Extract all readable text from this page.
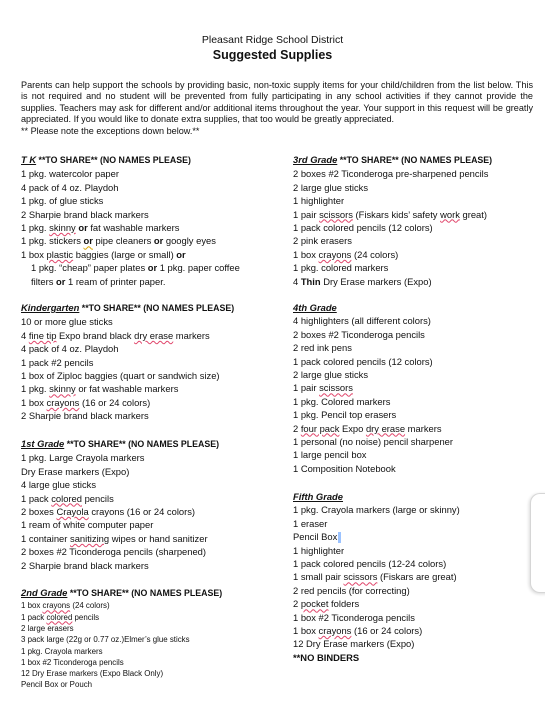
Pleasant Ridge School District
Suggested Supplies

Parents can help support the schools by providing basic, non-toxic supply items for your child/children from the list below. This is not required and no student will be prevented from fully participating in any school activities if they cannot provide the supplies. Teachers may ask for different and/or additional items throughout the year. Your support in this request will be greatly appreciated. If you would like to donate extra supplies, that too would be greatly appreciated.

** Please note the exceptions down below.**
T K **TO SHARE** (NO NAMES PLEASE)
1 pkg. watercolor paper
4 pack of 4 oz. Playdoh
1 pkg. of glue sticks
2 Sharpie brand black markers
1 pkg. skinny or fat washable markers
1 pkg. stickers or pipe cleaners or googly eyes
1 box plastic baggies (large or small) or
1 pkg. “cheap” paper plates or 1 pkg. paper coffee
filters or 1 ream of printer paper.
Kindergarten **TO SHARE** (NO NAMES PLEASE)
10 or more glue sticks
4 fine tip Expo brand black dry erase markers
4 pack of 4 oz. Playdoh
1 pack #2 pencils
1 box of Ziploc baggies (quart or sandwich size)
1 pkg. skinny or fat washable markers
1 box crayons (16 or 24 colors)
2 Sharpie brand black markers
1st Grade **TO SHARE** (NO NAMES PLEASE)
1 pkg. Large Crayola markers
Dry Erase markers (Expo)
4 large glue sticks
1 pack colored pencils
2 boxes Crayola crayons (16 or 24 colors)
1 ream of white computer paper
1 container sanitizing wipes or hand sanitizer
2 boxes #2 Ticonderoga pencils (sharpened)
2 Sharpie brand black markers
2nd Grade **TO SHARE** (NO NAMES PLEASE)
1 box crayons (24 colors)
1 pack colored pencils
2 large erasers
3 pack large (22g or 0.77 oz.)Elmer’s glue sticks
1 pkg. Crayola markers
1 box #2 Ticonderoga pencils
12 Dry Erase markers (Expo Black Only)
Pencil Box or Pouch
3rd Grade **TO SHARE** (NO NAMES PLEASE)
2 boxes #2 Ticonderoga pre-sharpened pencils
2 large glue sticks
1 highlighter
1 pair scissors (Fiskars kids’ safety work great)
1 pack colored pencils (12 colors)
2 pink erasers
1 box crayons (24 colors)
1 pkg. colored markers
4 Thin Dry Erase markers (Expo)
4th Grade
4 highlighters (all different colors)
2 boxes #2 Ticonderoga pencils
2 red ink pens
1 pack colored pencils (12 colors)
2 large glue sticks
1 pair scissors
1 pkg. Colored markers
1 pkg. Pencil top erasers
2 four pack Expo dry erase markers
1 personal (no noise) pencil sharpener
1 large pencil box
1 Composition Notebook
Fifth Grade
1 pkg. Crayola markers (large or skinny)
1 eraser
Pencil Box
1 highlighter
1 pack colored pencils (12-24 colors)
1 small pair scissors (Fiskars are great)
2 red pencils (for correcting)
2 pocket folders
1 box #2 Ticonderoga pencils
1 box crayons (16 or 24 colors)
12 Dry Erase markers (Expo)
**NO BINDERS
